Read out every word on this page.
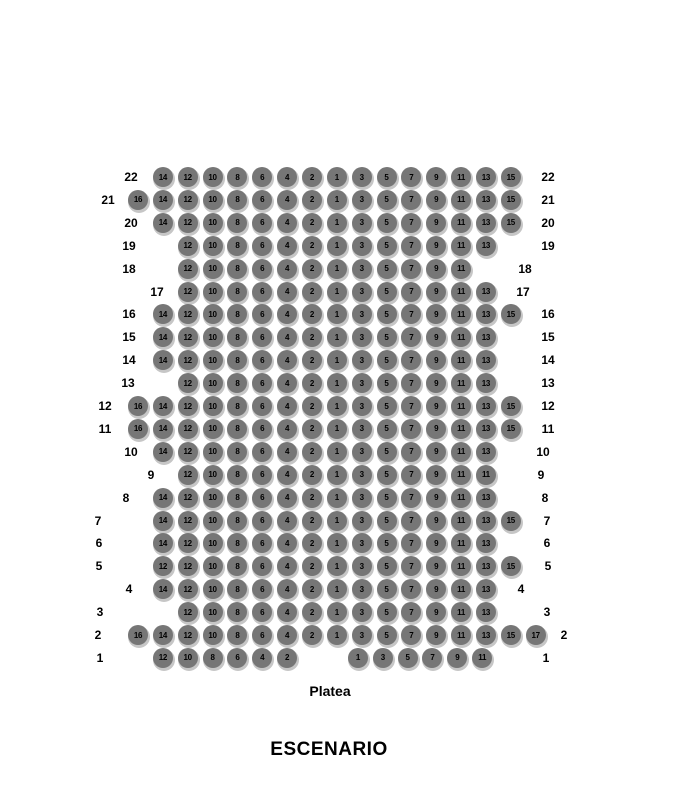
Platea
ESCENARIO
22	14	12	10	8	6	4	2	1	3	5	7	9	11	13	15	22
21	16	14	12	10	8	6	4	2	1	3	5	7	9	11	13	15	21
20	14	12	10	8	6	4	2	1	3	5	7	9	11	13	15	20
19	12	10	8	6	4	2	1	3	5	7	9	11	13	19
18	12	10	8	6	4	2	1	3	5	7	9	11	18
17	12	10	8	6	4	2	1	3	5	7	9	11	13	17
16	14	12	10	8	6	4	2	1	3	5	7	9	11	13	15	16
15	14	12	10	8	6	4	2	1	3	5	7	9	11	13	15
14	14	12	10	8	6	4	2	1	3	5	7	9	11	13	14
13	12	10	8	6	4	2	1	3	5	7	9	11	13	13
12	16	14	12	10	8	6	4	2	1	3	5	7	9	11	13	15	12
11	16	14	12	10	8	6	4	2	1	3	5	7	9	11	13	15	11
10	14	12	10	8	6	4	2	1	3	5	7	9	11	13	10
9	12	10	8	6	4	2	1	3	5	7	9	11	11	9
8	14	12	10	8	6	4	2	1	3	5	7	9	11	13	8
7	14	12	10	8	6	4	2	1	3	5	7	9	11	13	15	7
6	14	12	10	8	6	4	2	1	3	5	7	9	11	13	6
5	12	12	10	8	6	4	2	1	3	5	7	9	11	13	15	5
4	14	12	10	8	6	4	2	1	3	5	7	9	11	13	4
3	12	10	8	6	4	2	1	3	5	7	9	11	13	3
2	16	14	12	10	8	6	4	2	1	3	5	7	9	11	13	15	17	2
1	12	10	8	6	4	2	1	3	5	7	9	11	1
